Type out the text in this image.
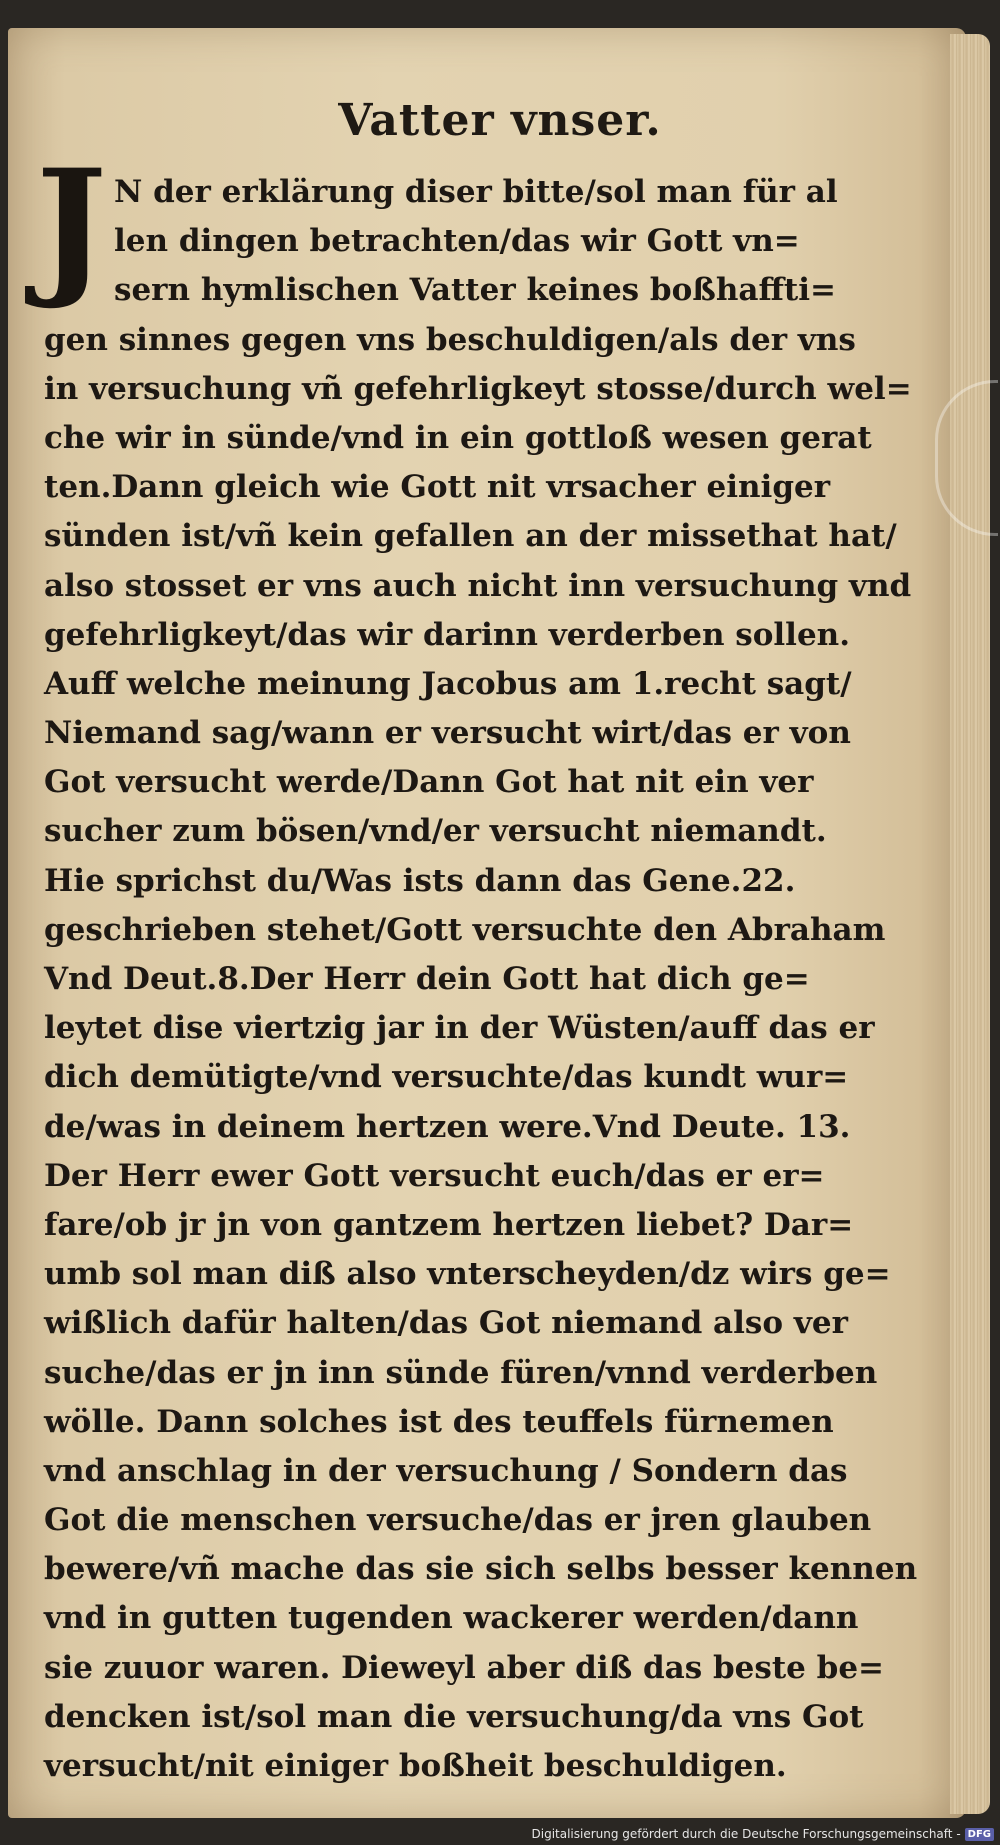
Vatter vnser.
J N der erklärung diser bitte/sol man für al
len dingen betrachten/das wir Gott vn=
sern hymlischen Vatter keines boßhaffti=
gen sinnes gegen vns beschuldigen/als der vns
in versuchung vñ gefehrligkeyt stosse/durch wel=
che wir in sünde/vnd in ein gottloß wesen gerat
ten.Dann gleich wie Gott nit vrsacher einiger
sünden ist/vñ kein gefallen an der missethat hat/
also stosset er vns auch nicht inn versuchung vnd
gefehrligkeyt/das wir darinn verderben sollen.
Auff welche meinung Jacobus am 1.recht sagt/
Niemand sag/wann er versucht wirt/das er von
Got versucht werde/Dann Got hat nit ein ver
sucher zum bösen/vnd/er versucht niemandt.
Hie sprichst du/Was ists dann das Gene.22.
geschrieben stehet/Gott versuchte den Abraham
Vnd Deut.8.Der Herr dein Gott hat dich ge=
leytet dise viertzig jar in der Wüsten/auff das er
dich demütigte/vnd versuchte/das kundt wur=
de/was in deinem hertzen were.Vnd Deute. 13.
Der Herr ewer Gott versucht euch/das er er=
fare/ob jr jn von gantzem hertzen liebet? Dar=
umb sol man diß also vnterscheyden/dz wirs ge=
wißlich dafür halten/das Got niemand also ver
suche/das er jn inn sünde füren/vnnd verderben
wölle. Dann solches ist des teuffels fürnemen
vnd anschlag in der versuchung / Sondern das
Got die menschen versuche/das er jren glauben
bewere/vñ mache das sie sich selbs besser kennen
vnd in gutten tugenden wackerer werden/dann
sie zuuor waren. Dieweyl aber diß das beste be=
dencken ist/sol man die versuchung/da vns Got
versucht/nit einiger boßheit beschuldigen.
Digitalisierung gefördert durch die Deutsche Forschungsgemeinschaft - DFG
